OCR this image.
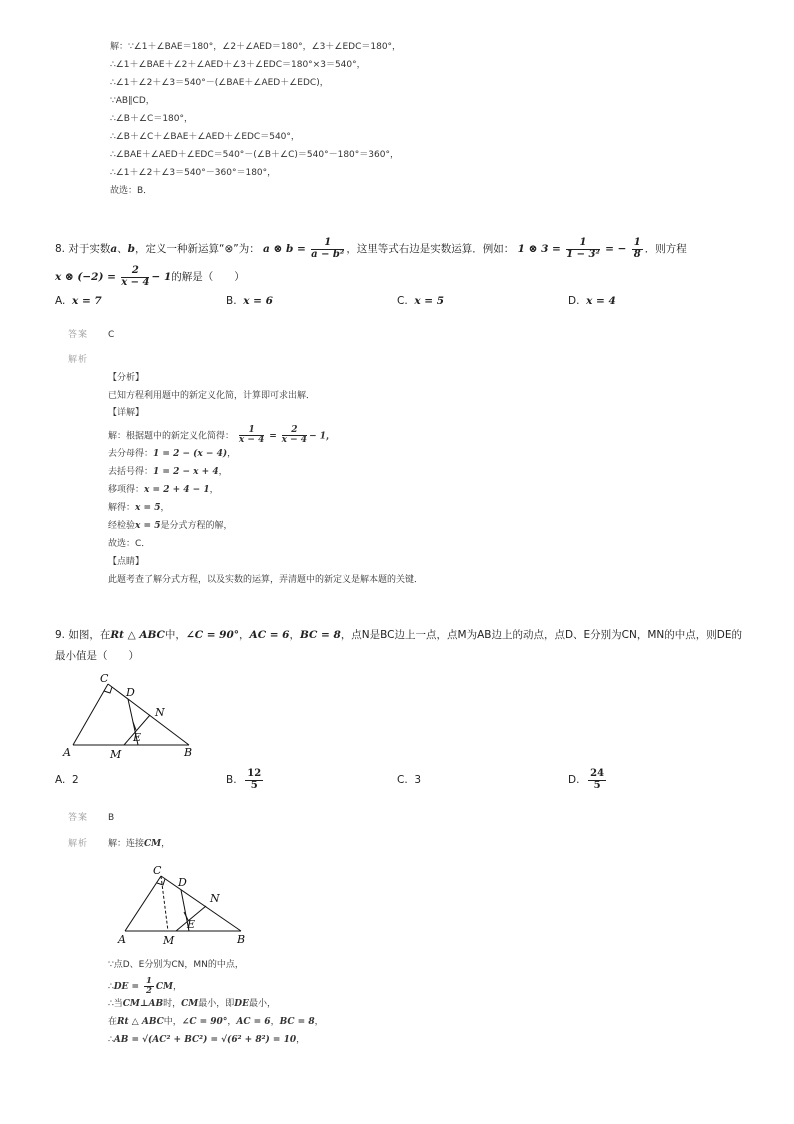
解：∵∠1＋∠BAE＝180°，∠2＋∠AED＝180°，∠3＋∠EDC＝180°，
∴∠1＋∠BAE＋∠2＋∠AED＋∠3＋∠EDC＝180°×3＝540°，
∴∠1＋∠2＋∠3＝540°－(∠BAE＋∠AED＋∠EDC)，
∵AB∥CD，
∴∠B＋∠C＝180°，
∴∠B＋∠C＋∠BAE＋∠AED＋∠EDC＝540°，
∴∠BAE＋∠AED＋∠EDC＝540°－(∠B＋∠C)＝540°－180°＝360°，
∴∠1＋∠2＋∠3＝540°－360°＝180°，
故选：B．
8. 对于实数a、b，定义一种新运算“⊗”为： a ⊗ $b = \frac{1}{\text{a − b²}}$ ，这里等式右边是实数运算．例如： 1 ⊗ $3 = \frac{1}{\text{1 − 3²}}$ = − $\frac{1}{8}$ ．则方程
x ⊗ $(-2) = \frac{2}{x - 4} - 1$的解是（　　）
A. x = 7	B. x = 6	C. x = 5	D. x = 4
答案 C
解析
【分析】
已知方程利用题中的新定义化简，计算即可求出解．
【详解】
解：根据题中的新定义化简得： $\frac{1}{x - 4} = \frac{2}{x - 4} - 1$，
去分母得：1 = 2 − (x − 4)，
去括号得：1 = 2 − x + 4，
移项得：x = 2 + 4 − 1，
解得：x = 5，
经检验x = 5是分式方程的解，
故选：C．
【点睛】
此题考查了解分式方程，以及实数的运算，弄清题中的新定义是解本题的关键．
9. 如图，在Rt △ ABC中，∠C = 90°，AC = 6，BC = 8，点N是BC边上一点，点M为AB边上的动点，点D、E分别为CN，MN的中点，则DE的
最小值是（　　）
C
D
N
E
A	M	B
A. 2	B. $\frac{12}{5}$	C. 3	D. $\frac{24}{5}$
答案 B
解析 解：连接CM，
C
D
N
E
A	M	B
∵点D、E分别为CN，MN的中点，
∴DE = $\frac{1}{2}$ CM，
∴当CM⊥AB时，CM最小，即DE最小，
在Rt △ ABC中，∠C = 90°，AC = 6，BC = 8，
∴AB = √(AC² + BC²) = √(6² + 8²) = 10，
